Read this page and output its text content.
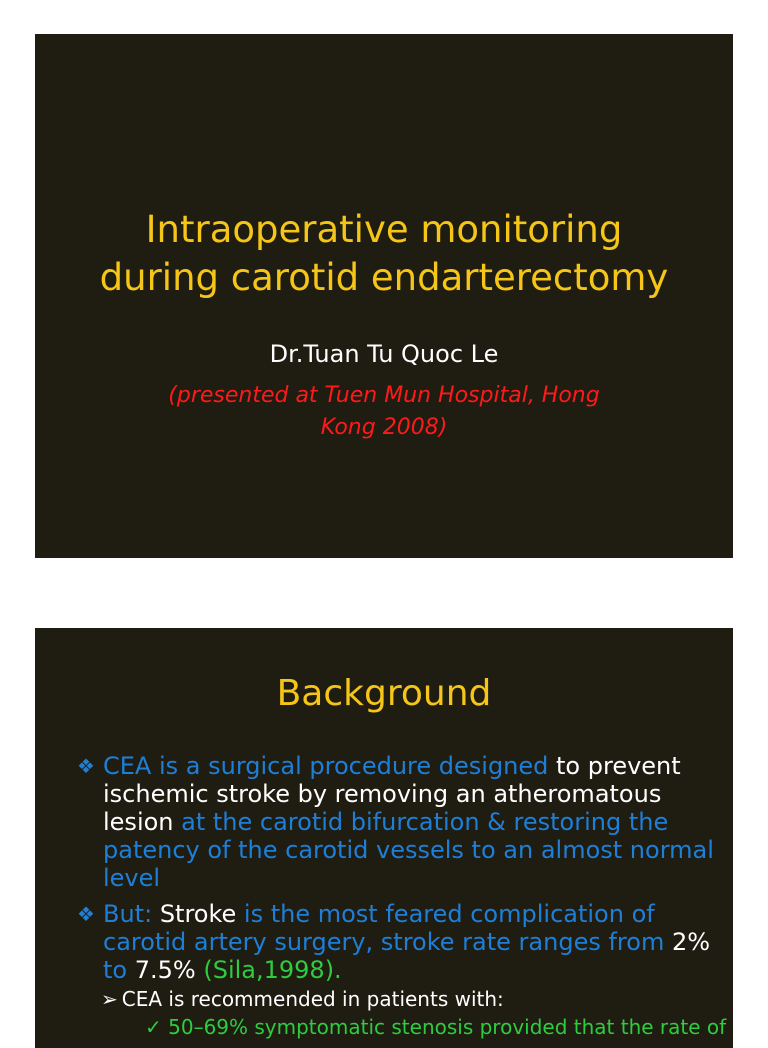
Intraoperative monitoring
during carotid endarterectomy
Dr.Tuan Tu Quoc Le
(presented at Tuen Mun Hospital, Hong
Kong 2008)
Background
❖ CEA is a surgical procedure designed to prevent ischemic stroke by removing an atheromatous lesion at the carotid bifurcation & restoring the patency of the carotid vessels to an almost normal level
❖ But: Stroke is the most feared complication of carotid artery surgery, stroke rate ranges from 2% to 7.5% (Sila,1998).
➢ CEA is recommended in patients with:
✓ 50–69% symptomatic stenosis provided that the rate of
